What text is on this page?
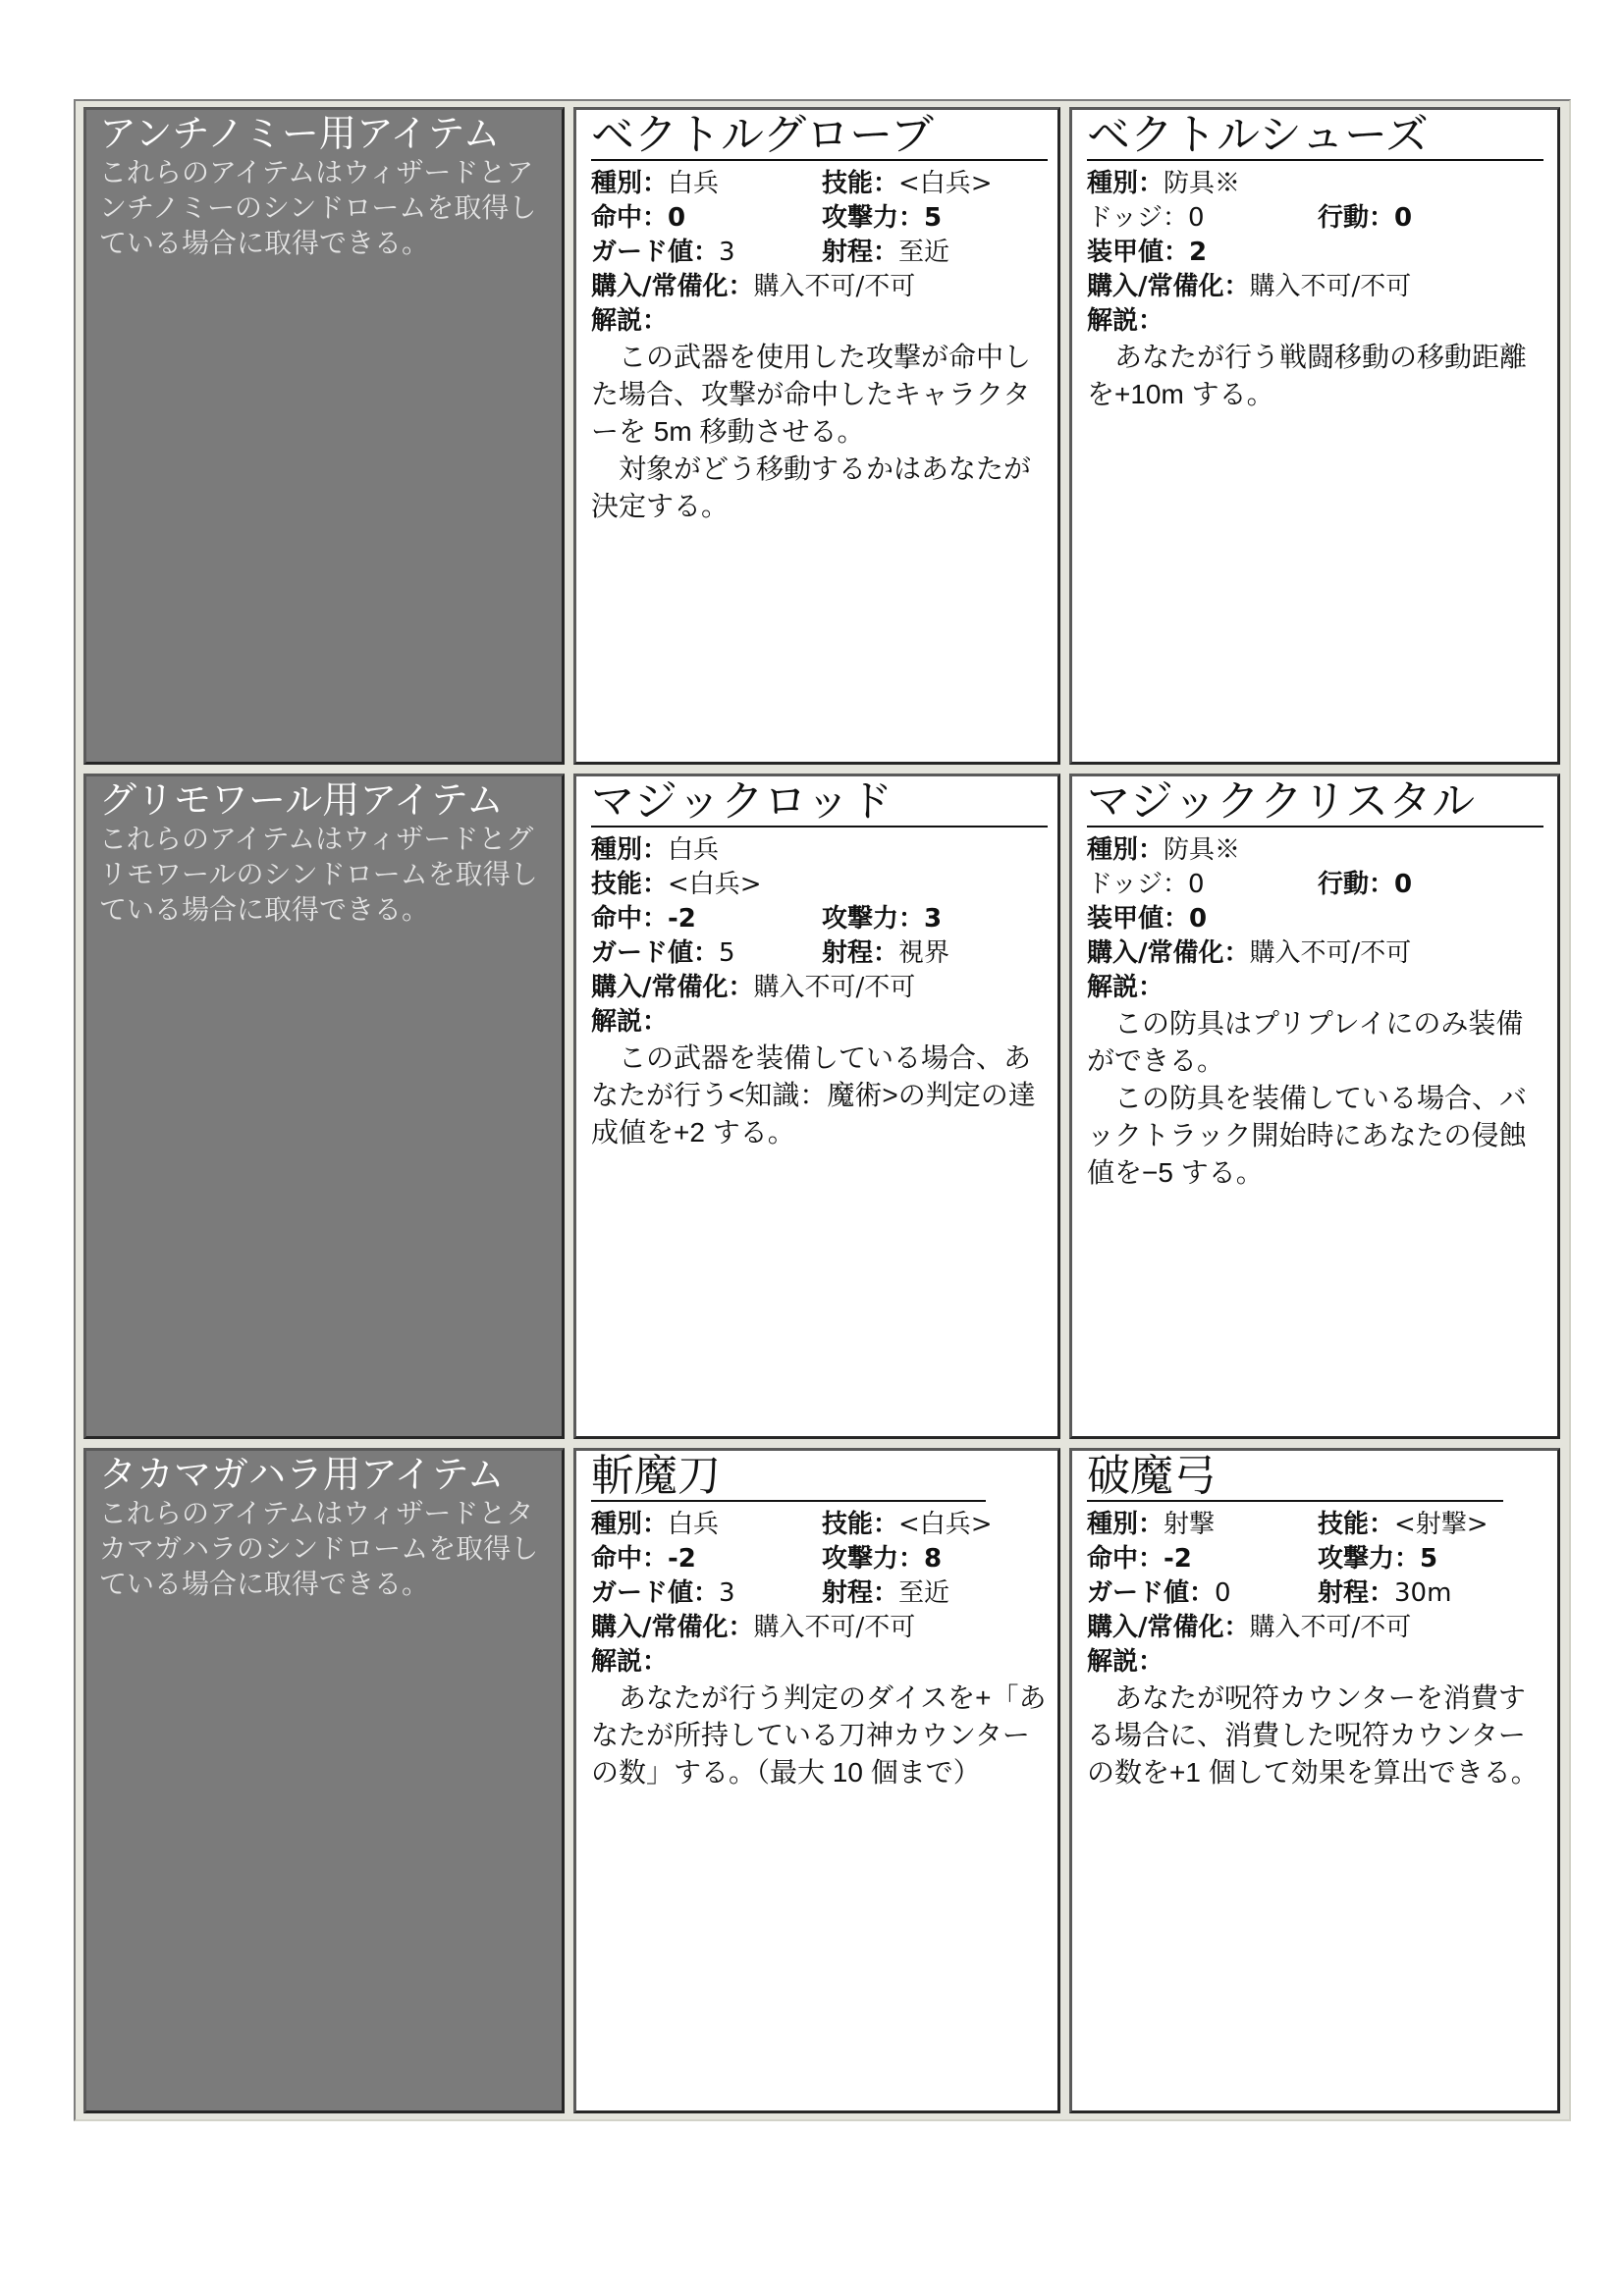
アンチノミー用アイテム
これらのアイテムはウィザードとアンチノミーのシンドロームを取得している場合に取得できる。
ベクトルグローブ
種別：白兵	技能：<白兵>
命中：0	攻撃力：5
ガード値：3	射程：至近
購入/常備化：購入不可/不可
解説：

　この武器を使用した攻撃が命中した場合、攻撃が命中したキャラクターを 5m 移動させる。

　対象がどう移動するかはあなたが決定する。

ベクトルシューズ
種別：防具※
ドッジ：0	行動：0
装甲値：2
購入/常備化：購入不可/不可
解説：

　あなたが行う戦闘移動の移動距離を+10m する。

グリモワール用アイテム
これらのアイテムはウィザードとグリモワールのシンドロームを取得している場合に取得できる。
マジックロッド
種別：白兵
技能：<白兵>
命中：-2	攻撃力：3
ガード値：5	射程：視界
購入/常備化：購入不可/不可
解説：

　この武器を装備している場合、あなたが行う<知識：魔術>の判定の達成値を+2 する。

マジッククリスタル
種別：防具※
ドッジ：0	行動：0
装甲値：0
購入/常備化：購入不可/不可
解説：

　この防具はプリプレイにのみ装備ができる。

　この防具を装備している場合、バックトラック開始時にあなたの侵蝕値を−5 する。

タカマガハラ用アイテム
これらのアイテムはウィザードとタカマガハラのシンドロームを取得している場合に取得できる。
斬魔刀
種別：白兵	技能：<白兵>
命中：-2	攻撃力：8
ガード値：3	射程：至近
購入/常備化：購入不可/不可
解説：

　あなたが行う判定のダイスを+「あなたが所持している刀神カウンターの数」する。（最大 10 個まで）

破魔弓
種別：射撃	技能：<射撃>
命中：-2	攻撃力：5
ガード値：0	射程：30m
購入/常備化：購入不可/不可
解説：

　あなたが呪符カウンターを消費する場合に、消費した呪符カウンターの数を+1 個して効果を算出できる。
